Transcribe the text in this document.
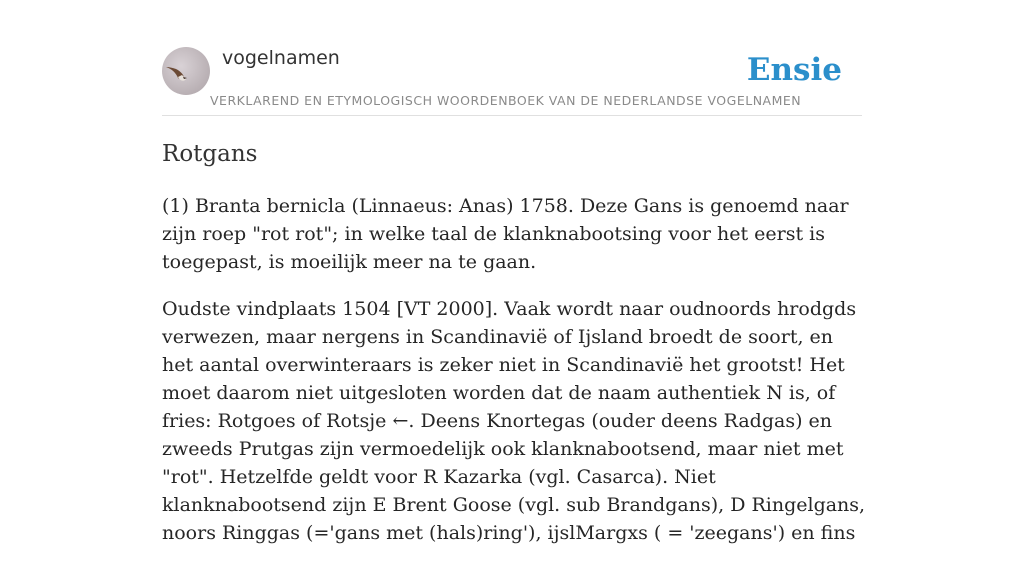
vogelnamen
VERKLAREND EN ETYMOLOGISCH WOORDENBOEK VAN DE NEDERLANDSE VOGELNAMEN
Ensie
Rotgans

(1) Branta bernicla (Linnaeus: Anas) 1758. Deze Gans is genoemd naar zijn roep "rot rot"; in welke taal de klanknabootsing voor het eerst is toegepast, is moeilijk meer na te gaan.

Oudste vindplaats 1504 [VT 2000]. Vaak wordt naar oudnoords hrodgds verwezen, maar nergens in Scandinavië of Ijsland broedt de soort, en het aantal overwinteraars is zeker niet in Scandinavië het grootst! Het moet daarom niet uitgesloten worden dat de naam authentiek N is, of fries: Rotgoes of Rotsje ←. Deens Knortegas (ouder deens Radgas) en zweeds Prutgas zijn vermoedelijk ook klanknabootsend, maar niet met "rot". Hetzelfde geldt voor R Kazarka (vgl. Casarca). Niet klanknabootsend zijn E Brent Goose (vgl. sub Brandgans), D Ringelgans, noors Ringgas (='gans met (hals)ring'), ijslMargxs ( = 'zeegans') en fins
